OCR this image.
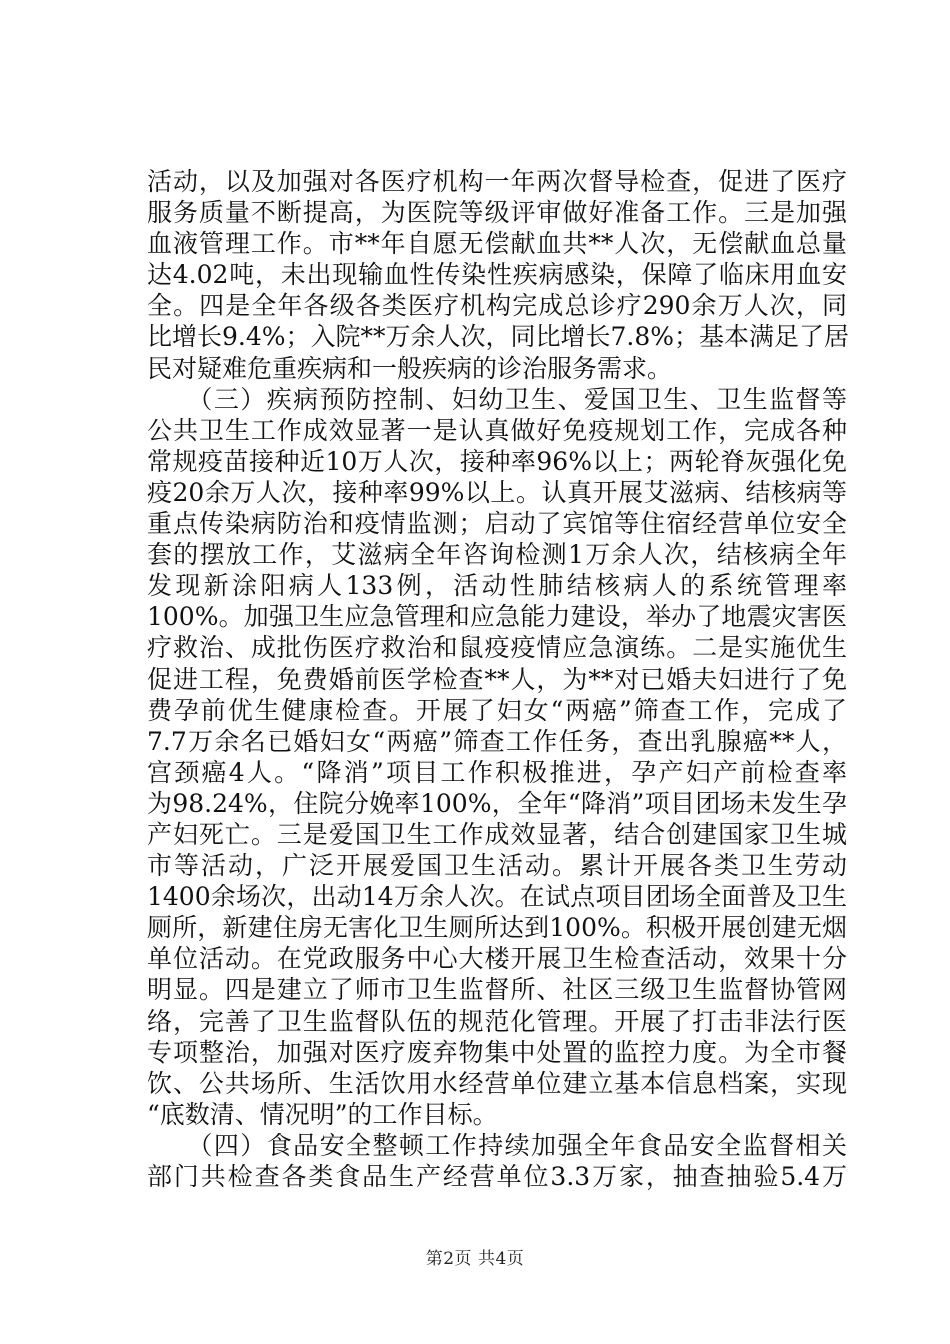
活动，以及加强对各医疗机构一年两次督导检查，促进了医疗
服务质量不断提高，为医院等级评审做好准备工作。三是加强
血液管理工作。市**年自愿无偿献血共**人次，无偿献血总量
达4.02吨，未出现输血性传染性疾病感染，保障了临床用血安
全。四是全年各级各类医疗机构完成总诊疗290余万人次，同
比增长9.4%；入院**万余人次，同比增长7.8%；基本满足了居
民对疑难危重疾病和一般疾病的诊治服务需求。
　　（三）疾病预防控制、妇幼卫生、爱国卫生、卫生监督等
公共卫生工作成效显著一是认真做好免疫规划工作，完成各种
常规疫苗接种近10万人次，接种率96%以上；两轮脊灰强化免
疫20余万人次，接种率99%以上。认真开展艾滋病、结核病等
重点传染病防治和疫情监测；启动了宾馆等住宿经营单位安全
套的摆放工作，艾滋病全年咨询检测1万余人次，结核病全年
发现新涂阳病人133例，活动性肺结核病人的系统管理率
100%。加强卫生应急管理和应急能力建设，举办了地震灾害医
疗救治、成批伤医疗救治和鼠疫疫情应急演练。二是实施优生
促进工程，免费婚前医学检查**人，为**对已婚夫妇进行了免
费孕前优生健康检查。开展了妇女“两癌”筛查工作，完成了
7.7万余名已婚妇女“两癌”筛查工作任务，查出乳腺癌**人，
宫颈癌4人。“降消”项目工作积极推进，孕产妇产前检查率
为98.24%，住院分娩率100%，全年“降消”项目团场未发生孕
产妇死亡。三是爱国卫生工作成效显著，结合创建国家卫生城
市等活动，广泛开展爱国卫生活动。累计开展各类卫生劳动
1400余场次，出动14万余人次。在试点项目团场全面普及卫生
厕所，新建住房无害化卫生厕所达到100%。积极开展创建无烟
单位活动。在党政服务中心大楼开展卫生检查活动，效果十分
明显。四是建立了师市卫生监督所、社区三级卫生监督协管网
络，完善了卫生监督队伍的规范化管理。开展了打击非法行医
专项整治，加强对医疗废弃物集中处置的监控力度。为全市餐
饮、公共场所、生活饮用水经营单位建立基本信息档案，实现
“底数清、情况明”的工作目标。
　　（四）食品安全整顿工作持续加强全年食品安全监督相关
部门共检查各类食品生产经营单位3.3万家，抽查抽验5.4万
第2页 共4页
